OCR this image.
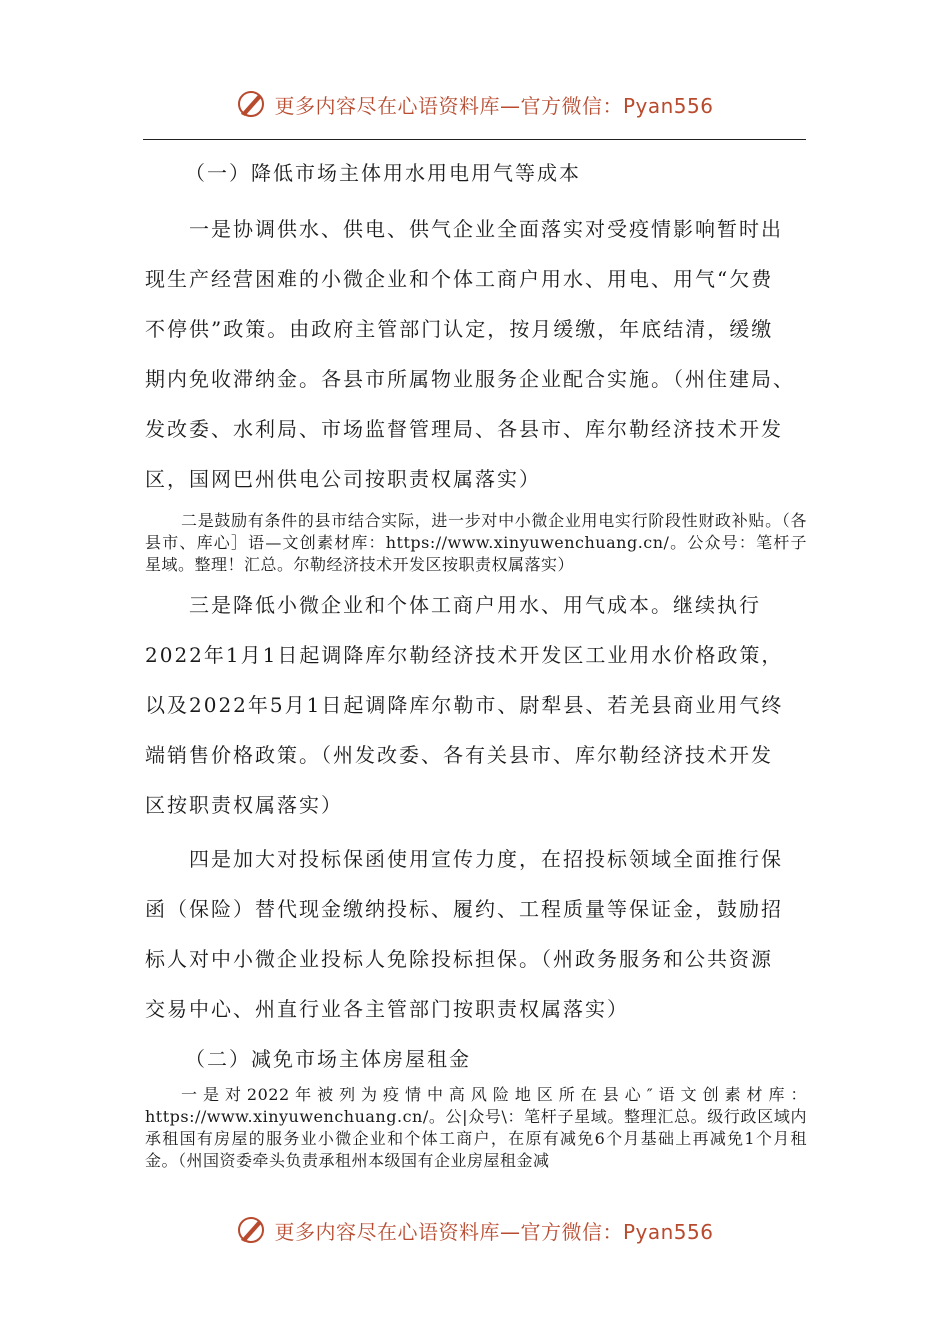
更多内容尽在心语资料库—官方微信：Pyan556

（一）降低市场主体用水用电用气等成本

一是协调供水、供电、供气企业全面落实对受疫情影响暂时出

现生产经营困难的小微企业和个体工商户用水、用电、用气“欠费

不停供”政策。由政府主管部门认定，按月缓缴，年底结清，缓缴

期内免收滞纳金。各县市所属物业服务企业配合实施。（州住建局、

发改委、水利局、市场监督管理局、各县市、库尔勒经济技术开发

区，国网巴州供电公司按职责权属落实）

二是鼓励有条件的县市结合实际，进一步对中小微企业用电实行阶段性财政补贴。（各县市、库心］语—文创素材库：https://www.xinyuwenchuang.cn/。公众号：笔杆子星域。整理！汇总。尔勒经济技术开发区按职责权属落实）

三是降低小微企业和个体工商户用水、用气成本。继续执行

2022年1月1日起调降库尔勒经济技术开发区工业用水价格政策，

以及2022年5月1日起调降库尔勒市、尉犁县、若羌县商业用气终

端销售价格政策。（州发改委、各有关县市、库尔勒经济技术开发

区按职责权属落实）

四是加大对投标保函使用宣传力度，在招投标领域全面推行保

函（保险）替代现金缴纳投标、履约、工程质量等保证金，鼓励招

标人对中小微企业投标人免除投标担保。（州政务服务和公共资源

交易中心、州直行业各主管部门按职责权属落实）

（二）减免市场主体房屋租金

一是对2022年被列为疫情中高风险地区所在县心″语文创素材库：https://www.xinyuwenchuang.cn/。公|众号\：笔杆子星域。整理汇总。级行政区域内承租国有房屋的服务业小微企业和个体工商户，在原有减免6个月基础上再减免1个月租金。（州国资委牵头负责承租州本级国有企业房屋租金减

更多内容尽在心语资料库—官方微信：Pyan556
